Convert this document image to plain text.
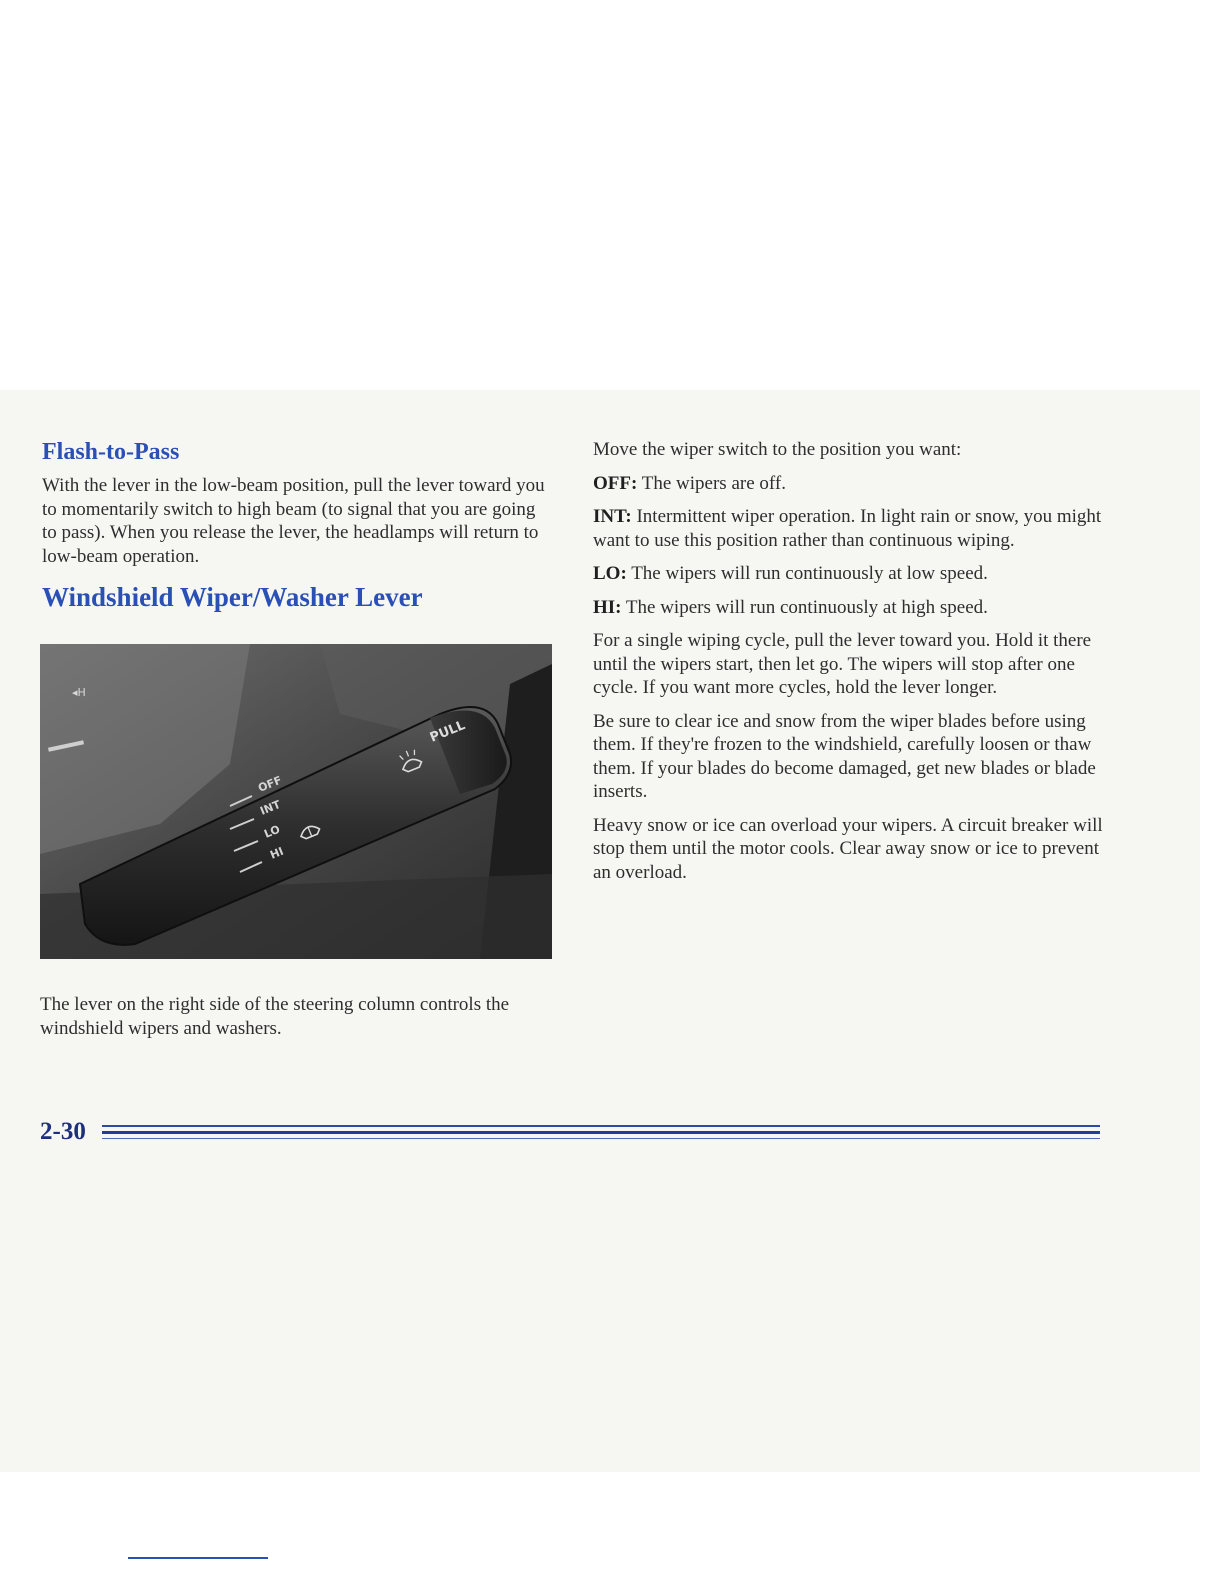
Flash-to-Pass

With the lever in the low-beam position, pull the lever toward you to momentarily switch to high beam (to signal that you are going to pass). When you release the lever, the headlamps will return to low-beam operation.

Windshield Wiper/Washer Lever
◂H
PULL
OFF
INT
LO
HI

The lever on the right side of the steering column controls the windshield wipers and washers.

Move the wiper switch to the position you want:

OFF: The wipers are off.

INT: Intermittent wiper operation. In light rain or snow, you might want to use this position rather than continuous wiping.

LO: The wipers will run continuously at low speed.

HI: The wipers will run continuously at high speed.

For a single wiping cycle, pull the lever toward you. Hold it there until the wipers start, then let go. The wipers will stop after one cycle. If you want more cycles, hold the lever longer.

Be sure to clear ice and snow from the wiper blades before using them. If they're frozen to the windshield, carefully loosen or thaw them. If your blades do become damaged, get new blades or blade inserts.

Heavy snow or ice can overload your wipers. A circuit breaker will stop them until the motor cools. Clear away snow or ice to prevent an overload.

2-30
